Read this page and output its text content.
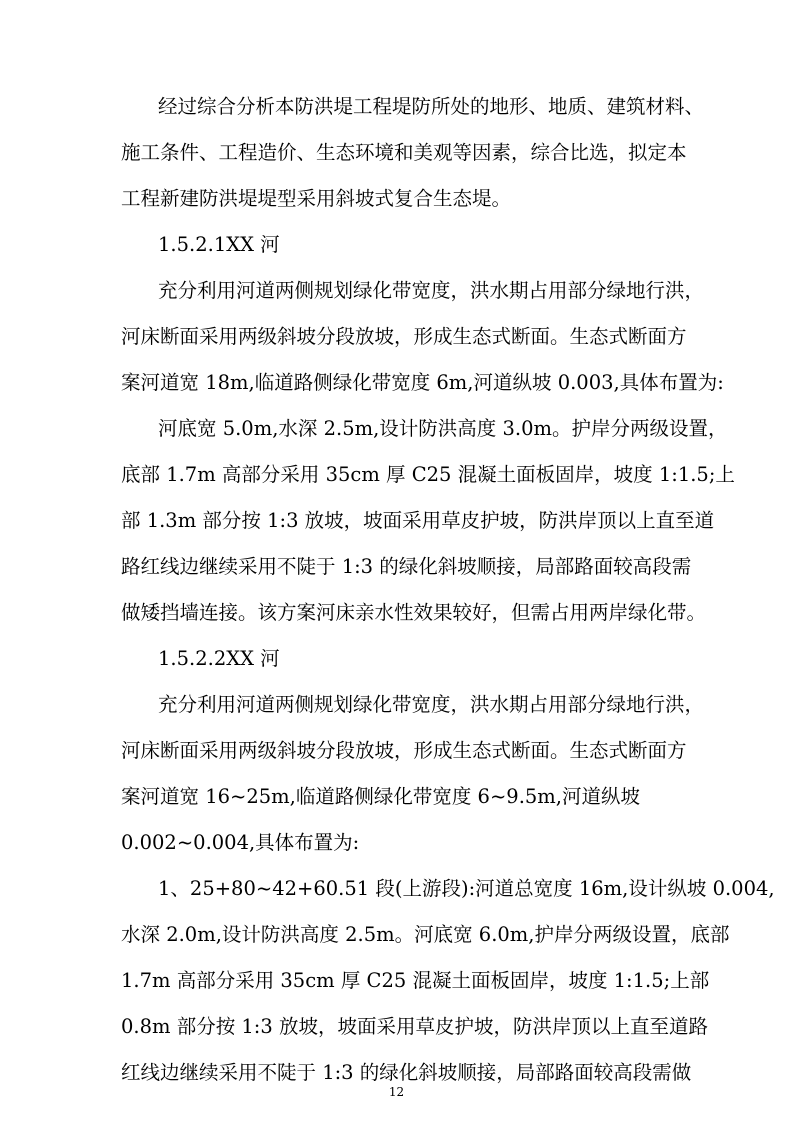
经过综合分析本防洪堤工程堤防所处的地形、地质、建筑材料、
施工条件、工程造价、生态环境和美观等因素，综合比选，拟定本
工程新建防洪堤堤型采用斜坡式复合生态堤。
1.5.2.1XX 河
充分利用河道两侧规划绿化带宽度，洪水期占用部分绿地行洪，
河床断面采用两级斜坡分段放坡，形成生态式断面。生态式断面方
案河道宽 18m,临道路侧绿化带宽度 6m,河道纵坡 0.003,具体布置为:
河底宽 5.0m,水深 2.5m,设计防洪高度 3.0m。护岸分两级设置，
底部 1.7m 高部分采用 35cm 厚 C25 混凝土面板固岸，坡度 1:1.5;上
部 1.3m 部分按 1:3 放坡，坡面采用草皮护坡，防洪岸顶以上直至道
路红线边继续采用不陡于 1:3 的绿化斜坡顺接，局部路面较高段需
做矮挡墙连接。该方案河床亲水性效果较好，但需占用两岸绿化带。
1.5.2.2XX 河
充分利用河道两侧规划绿化带宽度，洪水期占用部分绿地行洪，
河床断面采用两级斜坡分段放坡，形成生态式断面。生态式断面方
案河道宽 16~25m,临道路侧绿化带宽度 6~9.5m,河道纵坡
0.002~0.004,具体布置为:
1、25+80~42+60.51 段(上游段):河道总宽度 16m,设计纵坡 0.004,
水深 2.0m,设计防洪高度 2.5m。河底宽 6.0m,护岸分两级设置，底部
1.7m 高部分采用 35cm 厚 C25 混凝土面板固岸，坡度 1:1.5;上部
0.8m 部分按 1:3 放坡，坡面采用草皮护坡，防洪岸顶以上直至道路
红线边继续采用不陡于 1:3 的绿化斜坡顺接，局部路面较高段需做
12
